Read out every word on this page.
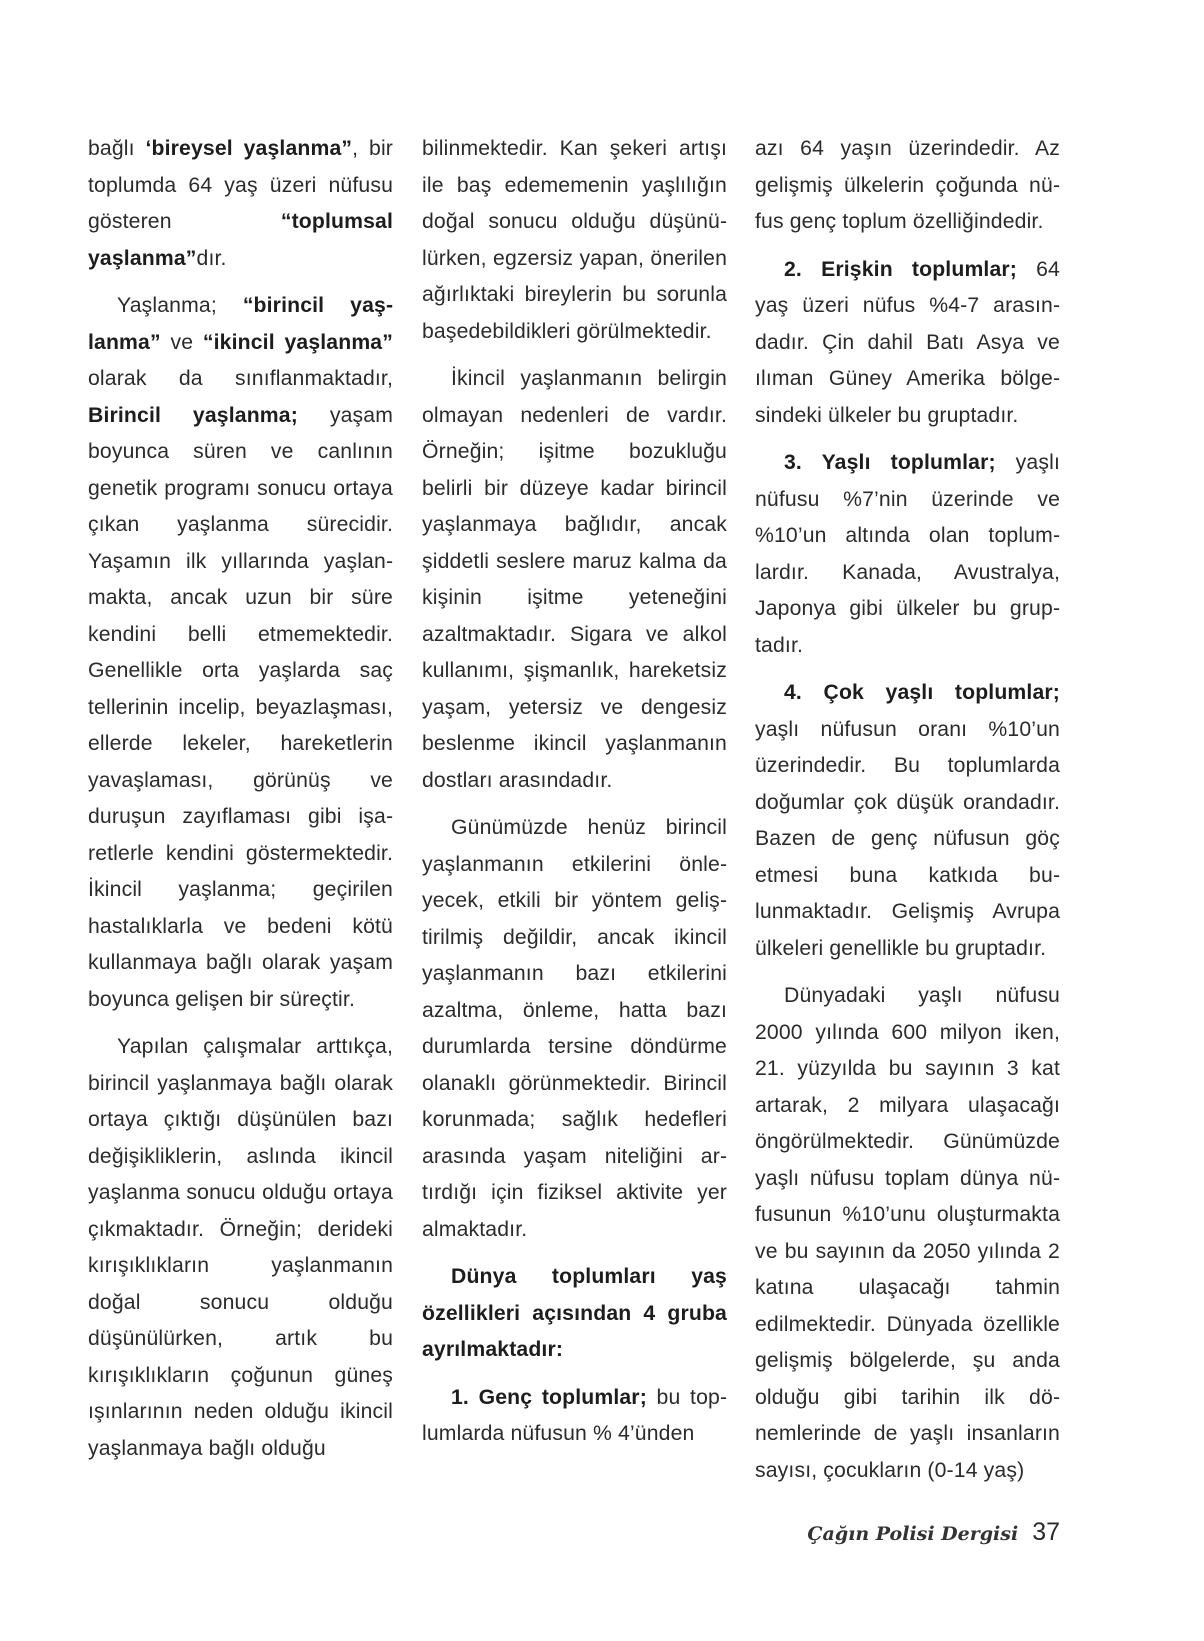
bağlı ‘bireysel yaşlanma”, bir toplumda 64 yaş üzeri nüfusu gösteren “toplumsal yaşlanma”dır.

Yaşlanma; “birincil yaşlanma” ve “ikincil yaşlanma” olarak da sınıflanmaktadır, Birincil yaşlanma; yaşam boyunca süren ve canlının genetik programı sonucu ortaya çıkan yaşlanma sürecidir. Yaşamın ilk yıllarında yaşlanmakta, ancak uzun bir süre kendini belli etmemektedir. Genellikle orta yaşlarda saç tellerinin incelip, beyazlaşması, ellerde lekeler, hareketlerin yavaşlaması, görünüş ve duruşun zayıflaması gibi işaretlerle kendini göstermektedir. İkincil yaşlanma; geçirilen hastalıklarla ve bedeni kötü kullanmaya bağlı olarak yaşam boyunca gelişen bir süreçtir.

Yapılan çalışmalar arttıkça, birincil yaşlanmaya bağlı olarak ortaya çıktığı düşünülen bazı değişikliklerin, aslında ikincil yaşlanma sonucu olduğu ortaya çıkmaktadır. Örneğin; derideki kırışıklıkların yaşlanmanın doğal sonucu olduğu düşünülürken, artık bu kırışıklıkların çoğunun güneş ışınlarının neden olduğu ikincil yaşlanmaya bağlı olduğu

bilinmektedir. Kan şekeri artışı ile baş edememenin yaşlılığın doğal sonucu olduğu düşünülürken, egzersiz yapan, önerilen ağırlıktaki bireylerin bu sorunla başedebildikleri görülmektedir.

İkincil yaşlanmanın belirgin olmayan nedenleri de vardır. Örneğin; işitme bozukluğu belirli bir düzeye kadar birincil yaşlanmaya bağlıdır, ancak şiddetli seslere maruz kalma da kişinin işitme yeteneğini azaltmaktadır. Sigara ve alkol kullanımı, şişmanlık, hareketsiz yaşam, yetersiz ve dengesiz beslenme ikincil yaşlanmanın dostları arasındadır.

Günümüzde henüz birincil yaşlanmanın etkilerini önleyecek, etkili bir yöntem geliştirilmiş değildir, ancak ikincil yaşlanmanın bazı etkilerini azaltma, önleme, hatta bazı durumlarda tersine döndürme olanaklı görünmektedir. Birincil korunmada; sağlık hedefleri arasında yaşam niteliğini artırdığı için fiziksel aktivite yer almaktadır.

Dünya toplumları yaş özellikleri açısından 4 gruba ayrılmaktadır:

1. Genç toplumlar; bu toplumlarda nüfusun % 4’ünden

azı 64 yaşın üzerindedir. Az gelişmiş ülkelerin çoğunda nüfus genç toplum özelliğindedir.

2. Erişkin toplumlar; 64 yaş üzeri nüfus %4-7 arasındadır. Çin dahil Batı Asya ve ılıman Güney Amerika bölgesindeki ülkeler bu gruptadır.

3. Yaşlı toplumlar; yaşlı nüfusu %7’nin üzerinde ve %10’un altında olan toplumlardır. Kanada, Avustralya, Japonya gibi ülkeler bu gruptadır.

4. Çok yaşlı toplumlar; yaşlı nüfusun oranı %10’un üzerindedir. Bu toplumlarda doğumlar çok düşük orandadır. Bazen de genç nüfusun göç etmesi buna katkıda bulunmaktadır. Gelişmiş Avrupa ülkeleri genellikle bu gruptadır.

Dünyadaki yaşlı nüfusu 2000 yılında 600 milyon iken, 21. yüzyılda bu sayının 3 kat artarak, 2 milyara ulaşacağı öngörülmektedir. Günümüzde yaşlı nüfusu toplam dünya nüfusunun %10’unu oluşturmakta ve bu sayının da 2050 yılında 2 katına ulaşacağı tahmin edilmektedir. Dünyada özellikle gelişmiş bölgelerde, şu anda olduğu gibi tarihin ilk dönemlerinde de yaşlı insanların sayısı, çocukların (0-14 yaş)

Çağın Polisi Dergisi 37
